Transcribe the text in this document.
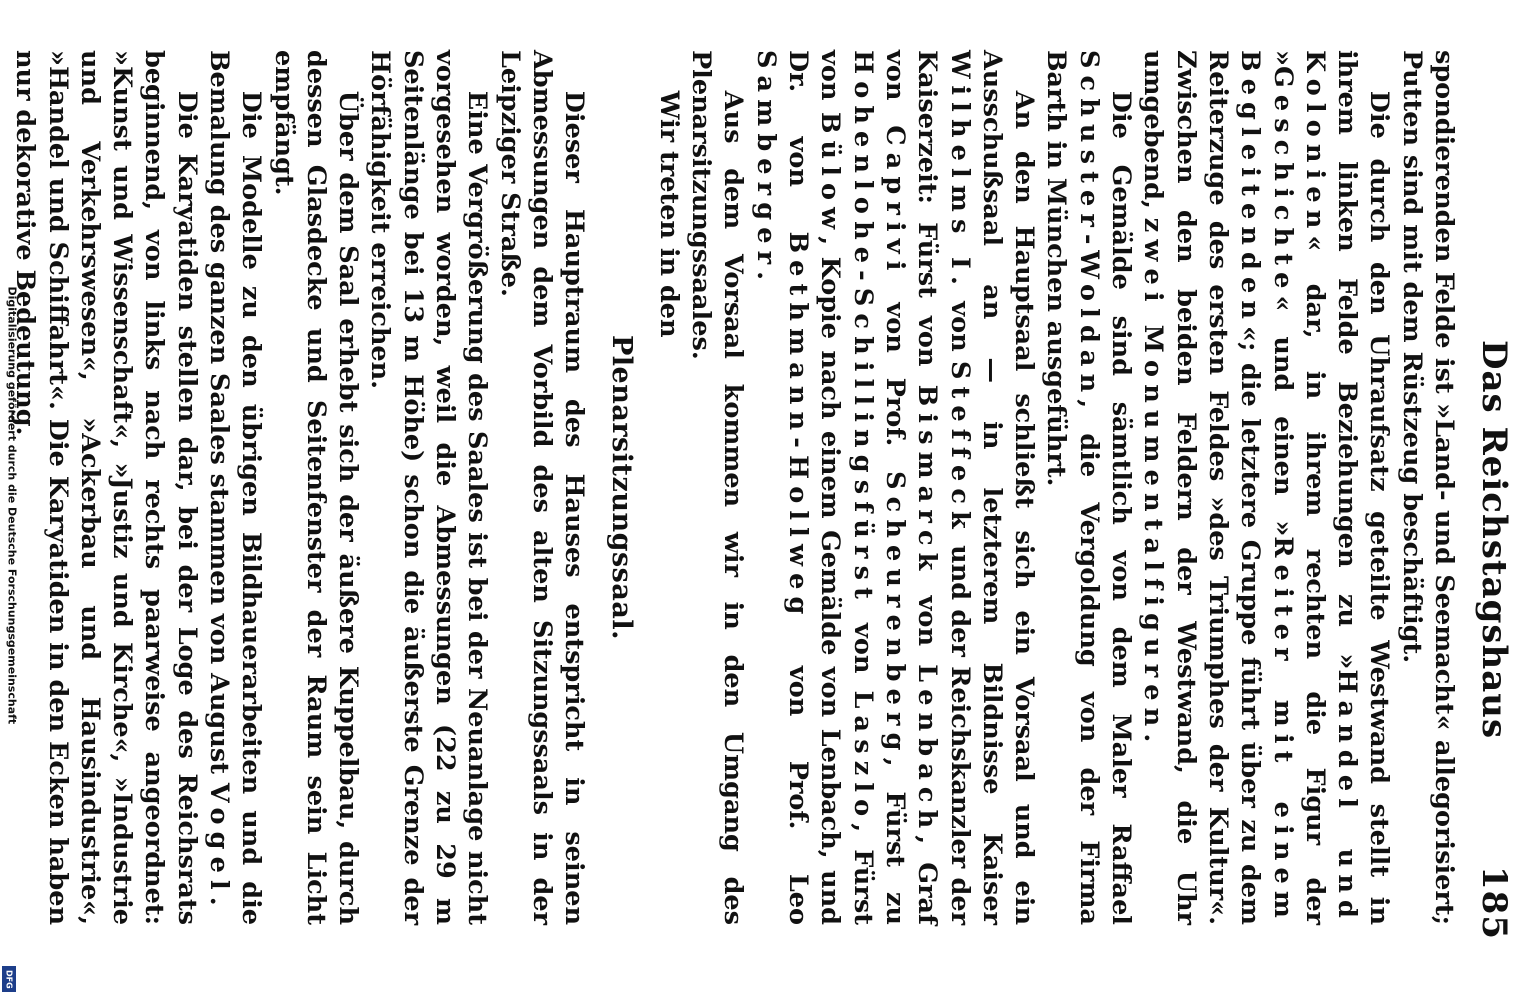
Digitalisierung gefördert durch die Deutsche Forschungsgemeinschaft
DFG
Das Reichstagshaus
185

spondierenden Felde ist »Land- und Seemacht« allegorisiert; Putten sind mit dem Rüstzeug beschäftigt.

Die durch den Uhraufsatz geteilte Westwand stellt in ihrem linken Felde Beziehungen zu »Handel und Kolonien« dar, in ihrem rechten die Figur der »Geschichte« und einen »Reiter mit einem Begleitenden«; die letztere Gruppe führt über zu dem Reiterzuge des ersten Feldes »des Triumphes der Kultur«. Zwischen den beiden Feldern der Westwand, die Uhr umgebend, zwei Monumentalfiguren.

Die Gemälde sind sämtlich von dem Maler Raffael Schuster-Woldan, die Vergoldung von der Firma Barth in München ausgeführt.

An den Hauptsaal schließt sich ein Vorsaal und ein Ausschußsaal an — in letzterem Bildnisse Kaiser Wilhelms I. von Steffeck und der Reichskanzler der Kaiserzeit: Fürst von Bismarck von Lenbach, Graf von Caprivi von Prof. Scheurenberg, Fürst zu Hohenlohe-Schillingsfürst von Laszlo, Fürst von Bülow, Kopie nach einem Gemälde von Lenbach, und Dr. von Bethmann-Hollweg von Prof. Leo Samberger.

Aus dem Vorsaal kommen wir in den Umgang des Plenarsitzungssaales.

Wir treten in den

Plenarsitzungssaal.

Dieser Hauptraum des Hauses entspricht in seinen Abmessungen dem Vorbild des alten Sitzungssaals in der Leipziger Straße.

Eine Vergrößerung des Saales ist bei der Neuanlage nicht vorgesehen worden, weil die Abmessungen (22 zu 29 m Seitenlänge bei 13 m Höhe) schon die äußerste Grenze der Hörfähigkeit erreichen.

Über dem Saal erhebt sich der äußere Kuppelbau, durch dessen Glasdecke und Seitenfenster der Raum sein Licht empfängt.

Die Modelle zu den übrigen Bildhauerarbeiten und die Bemalung des ganzen Saales stammen von August Vogel.

Die Karyatiden stellen dar, bei der Loge des Reichsrats beginnend, von links nach rechts paarweise angeordnet: »Kunst und Wissenschaft«, »Justiz und Kirche«, »Industrie und Verkehrswesen«, »Ackerbau und Hausindustrie«, »Handel und Schiffahrt«. Die Karyatiden in den Ecken haben nur dekorative Bedeutung.
